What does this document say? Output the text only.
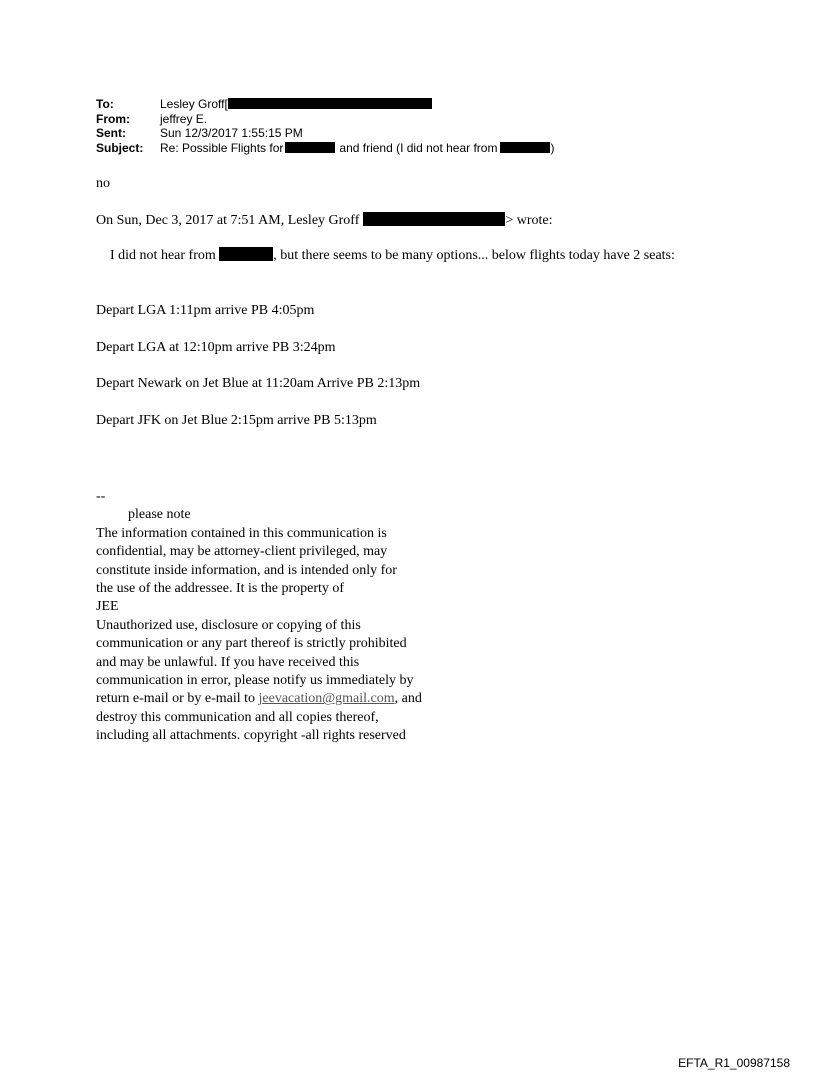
To:	Lesley Groff[
From:	jeffrey E.
Sent:	Sun 12/3/2017 1:55:15 PM
Subject:	Re: Possible Flights for	and friend (I did not hear from	)
no
On Sun, Dec 3, 2017 at 7:51 AM, Lesley Groff	> wrote:
I did not hear from	, but there seems to be many options... below flights today have 2 seats:
Depart LGA 1:11pm arrive PB 4:05pm
Depart LGA at 12:10pm arrive PB 3:24pm
Depart Newark on Jet Blue at 11:20am Arrive PB 2:13pm
Depart JFK on Jet Blue 2:15pm arrive PB 5:13pm
--
please note
The information contained in this communication is
confidential, may be attorney-client privileged, may
constitute inside information, and is intended only for
the use of the addressee. It is the property of
JEE
Unauthorized use, disclosure or copying of this
communication or any part thereof is strictly prohibited
and may be unlawful. If you have received this
communication in error, please notify us immediately by
return e-mail or by e-mail to jeevacation@gmail.com, and
destroy this communication and all copies thereof,
including all attachments. copyright -all rights reserved
EFTA_R1_00987158
